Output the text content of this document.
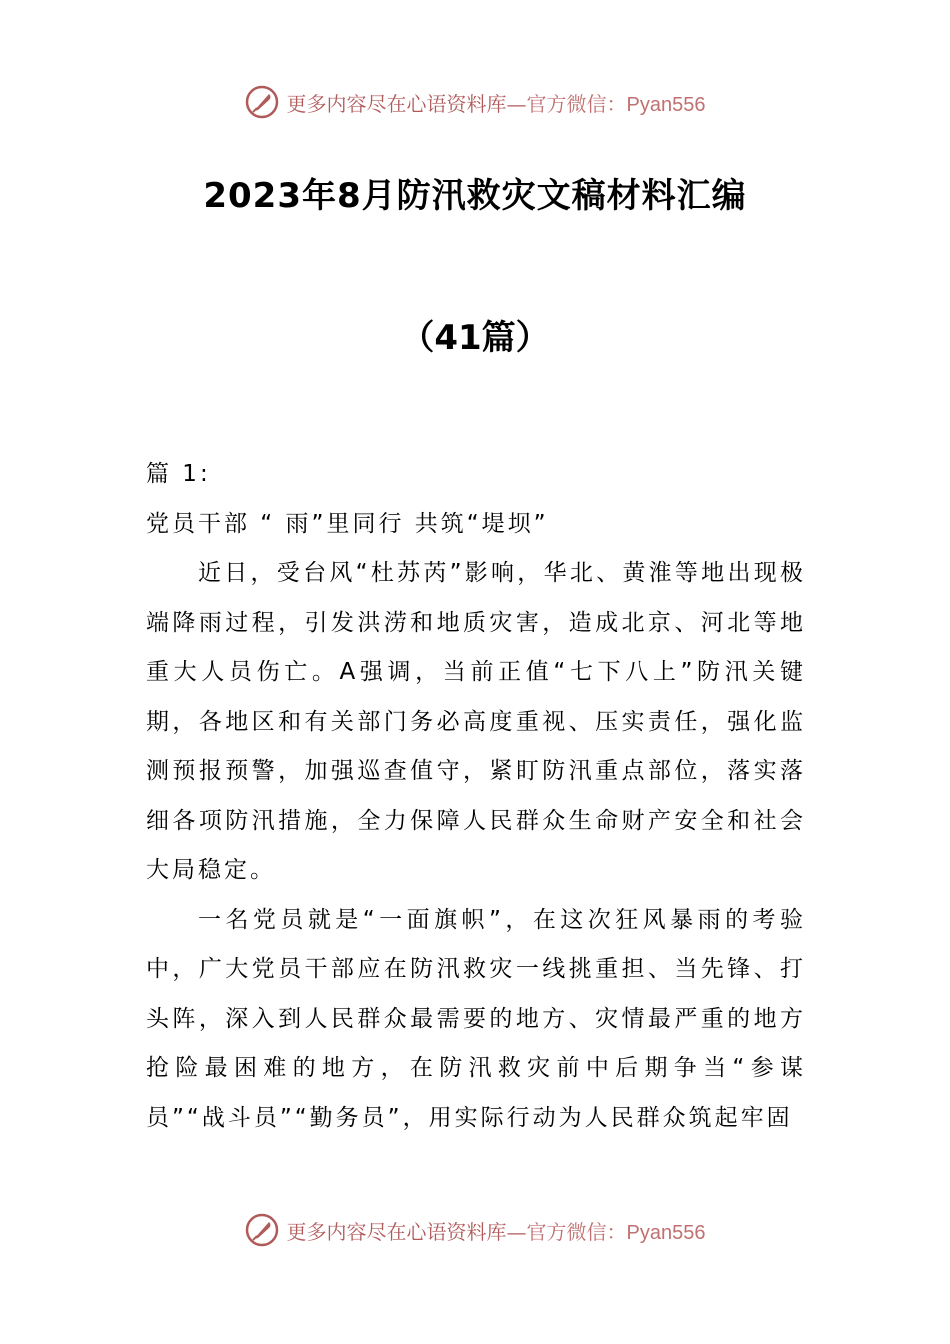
更多内容尽在心语资料库—官方微信：Pyan556
2023年8月防汛救灾文稿材料汇编
（41篇）

篇 1:

党员干部 “ 雨”里同行 共筑“堤坝”

近日，受台风“杜苏芮”影响，华北、黄淮等地出现极端降雨过程，引发洪涝和地质灾害，造成北京、河北等地重大人员伤亡。A强调，当前正值“七下八上”防汛关键期，各地区和有关部门务必高度重视、压实责任，强化监测预报预警，加强巡查值守，紧盯防汛重点部位，落实落细各项防汛措施，全力保障人民群众生命财产安全和社会大局稳定。

一名党员就是“一面旗帜”，在这次狂风暴雨的考验中，广大党员干部应在防汛救灾一线挑重担、当先锋、打头阵，深入到人民群众最需要的地方、灾情最严重的地方抢险最困难的地方，在防汛救灾前中后期争当“参谋员”“战斗员”“勤务员”，用实际行动为人民群众筑起牢固

更多内容尽在心语资料库—官方微信：Pyan556
